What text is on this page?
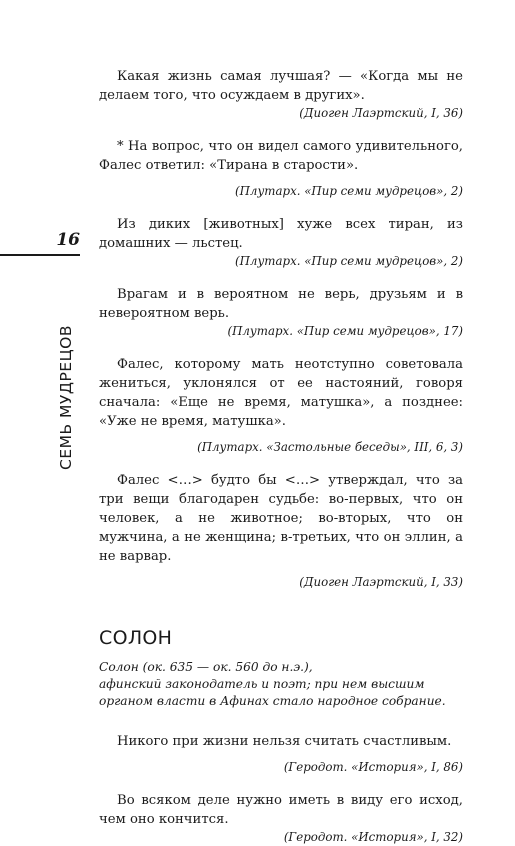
16
СЕМЬ МУДРЕЦОВ

Какая жизнь самая лучшая? — «Когда мы не делаем того, что осуждаем в других».

(Диоген Лаэртский, I, 36)

* На вопрос, что он видел самого удивительного, Фалес ответил: «Тирана в старости».

(Плутарх. «Пир семи мудрецов», 2)

Из диких [животных] хуже всех тиран, из домашних — льстец.

(Плутарх. «Пир семи мудрецов», 2)

Врагам и в вероятном не верь, друзьям и в невероятном верь.

(Плутарх. «Пир семи мудрецов», 17)

Фалес, которому мать неотступно советовала жениться, уклонялся от ее настояний, говоря сначала: «Еще не время, матушка», а позднее: «Уже не время, матушка».

(Плутарх. «Застольные беседы», III, 6, 3)

Фалес <…> будто бы <…> утверждал, что за три вещи благодарен судьбе: во-первых, что он человек, а не животное; во-вторых, что он мужчина, а не женщина; в-третьих, что он эллин, а не варвар.

(Диоген Лаэртский, I, 33)

СОЛОН
Солон (ок. 635 — ок. 560 до н.э.),
афинский законодатель и поэт; при нем высшим
органом власти в Афинах стало народное собрание.

Никого при жизни нельзя считать счастливым.

(Геродот. «История», I, 86)

Во всяком деле нужно иметь в виду его исход, чем оно кончится.

(Геродот. «История», I, 32)
